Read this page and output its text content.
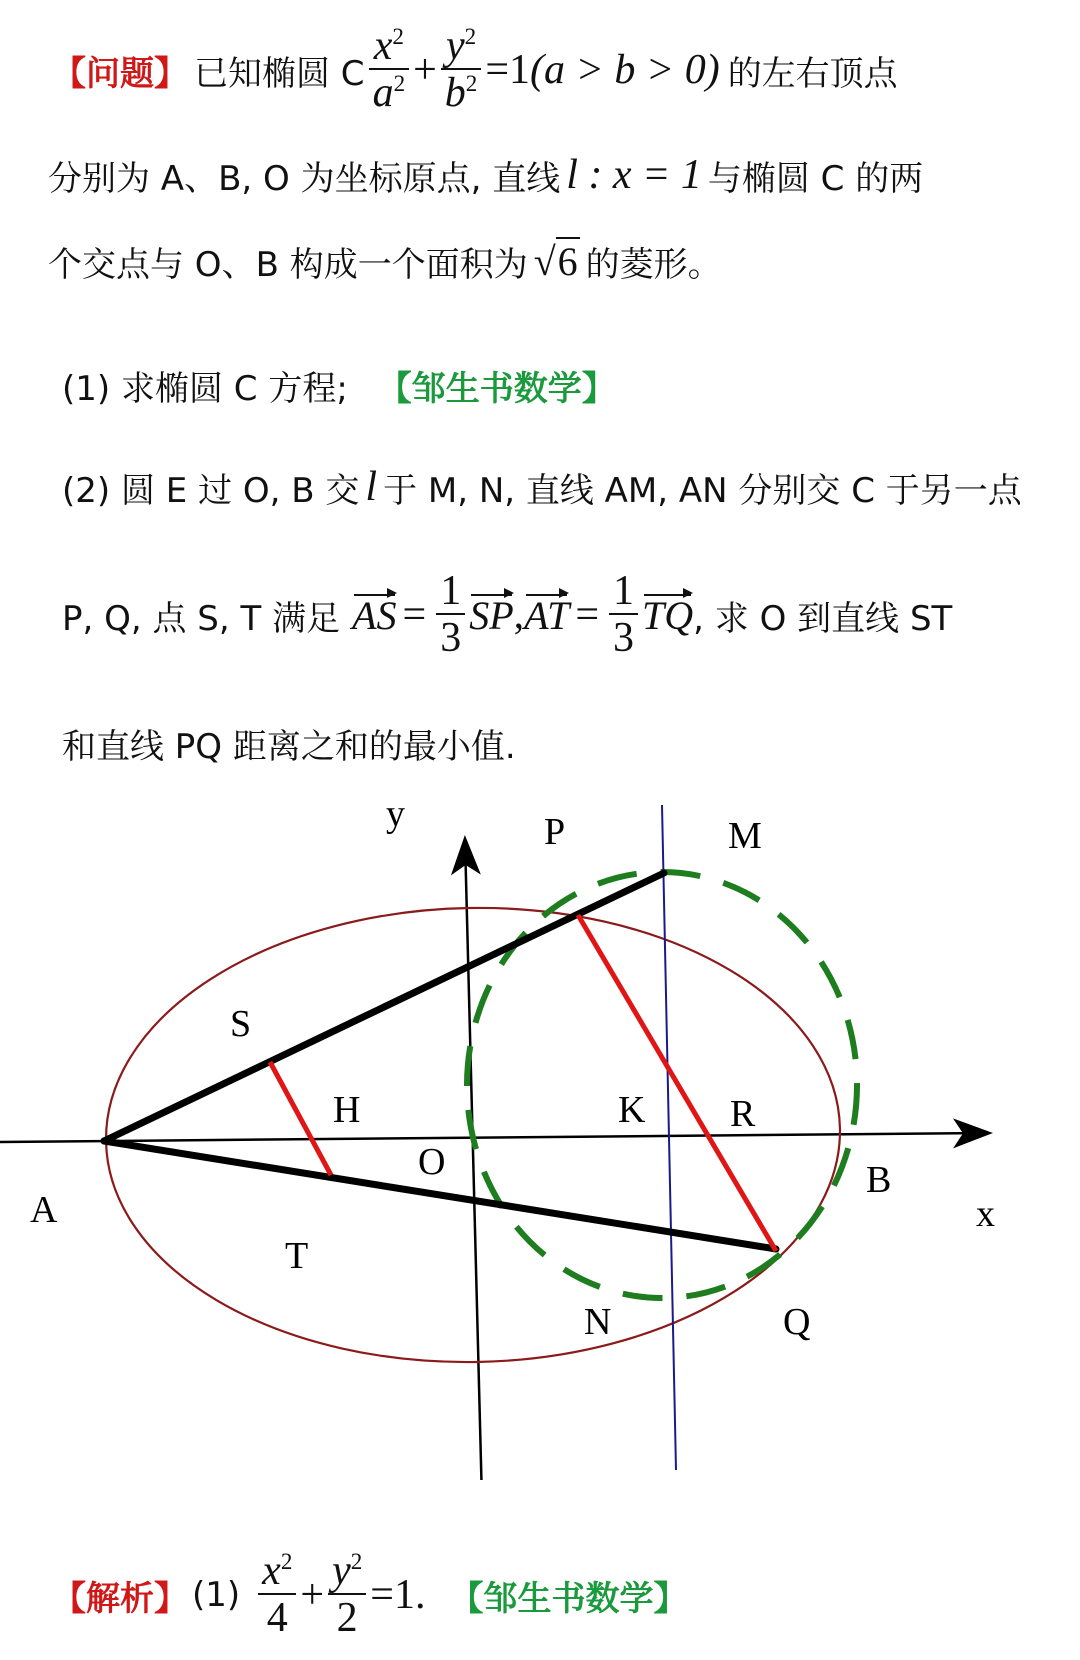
【问题】 已知椭圆 C $\frac{x^2}{a^2} + \frac{y^2}{b^2} =1$ (a > b > 0) 的左右顶点
分别为 A、B, O 为坐标原点, 直线 l : x = 1 与椭圆 C 的两
个交点与 O、B 构成一个面积为 √6 的菱形。
(1) 求椭圆 C 方程; 【邹生书数学】
(2) 圆 E 过 O, B 交 l 于 M, N, 直线 AM, AN 分别交 C 于另一点
P, Q, 点 S, T 满足 AS = $\frac{1}{3}$ SP , AT = $\frac{1}{3}$ TQ , 求 O 到直线 ST
和直线 PQ 距离之和的最小值.
y	P	M
S
H	K R
O
A
B
x
T
N	Q
【解析】 $(1) \frac{x^2}{4} + \frac{y^2}{2} =1$. 【邹生书数学】
